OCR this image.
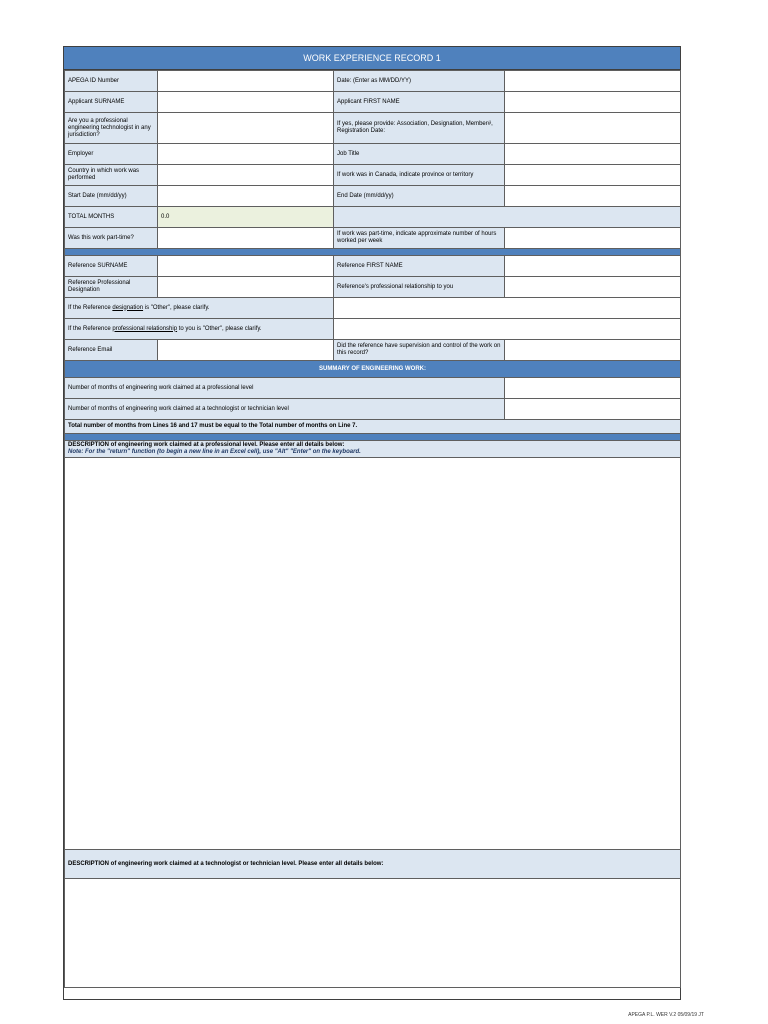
WORK EXPERIENCE RECORD 1
APEGA ID Number		Date: (Enter as MM/DD/YY)	
Applicant SURNAME		Applicant FIRST NAME	
Are you a professional engineering technologist in any jurisdiction?		If yes, please provide: Association, Designation, Member#, Registration Date:	
Employer		Job Title	
Country in which work was performed		If work was in Canada, indicate province or territory	
Start Date (mm/dd/yy)		End Date (mm/dd/yy)	
TOTAL MONTHS	0.0		
Was this work part-time?		If work was part-time, indicate approximate number of hours worked per week	

Reference SURNAME		Reference FIRST NAME	
Reference Professional Designation		Reference's professional relationship to you	
If the Reference designation is "Other", please clarify.			
If the Reference professional relationship to you is "Other", please clarify.			
Reference Email		Did the reference have supervision and control of the work on this record?	
SUMMARY OF ENGINEERING WORK:			
Number of months of engineering work claimed at a professional level			
Number of months of engineering work claimed at a technologist or technician level			
Total number of months from Lines 16 and 17 must be equal to the Total number of months on Line 7.			

DESCRIPTION of engineering work claimed at a professional level. Please enter all details below:
Note: For the "return" function (to begin a new line in an Excel cell), use "Alt" "Enter" on the keyboard.			

DESCRIPTION of engineering work claimed at a technologist or technician level. Please enter all details below:			

APEGA P.L. WER V.2 05/09/19 JT
